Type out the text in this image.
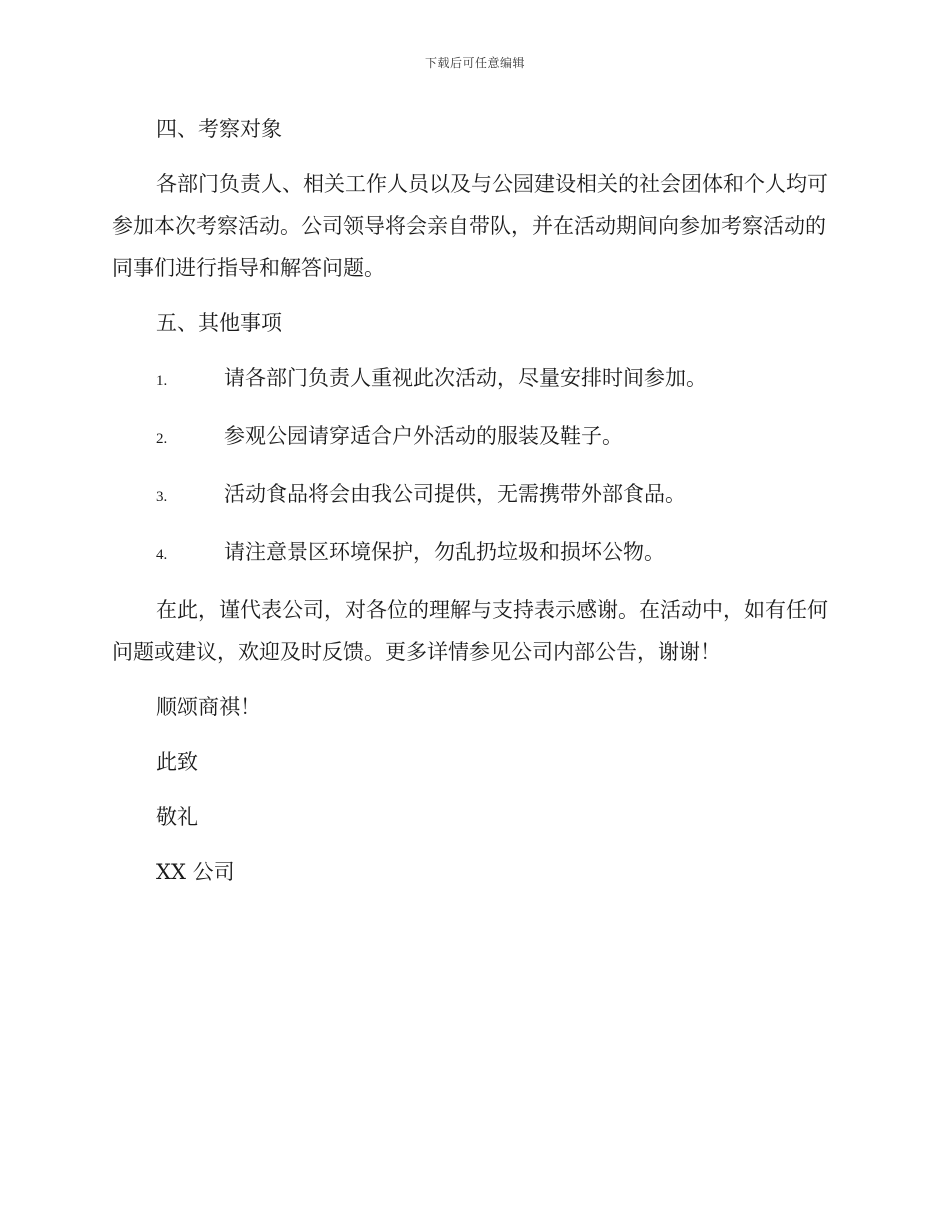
下载后可任意编辑
四、考察对象
各部门负责人、相关工作人员以及与公园建设相关的社会团体和个人均可参加本次考察活动。公司领导将会亲自带队，并在活动期间向参加考察活动的同事们进行指导和解答问题。
五、其他事项
1.	请各部门负责人重视此次活动，尽量安排时间参加。
2.	参观公园请穿适合户外活动的服装及鞋子。
3.	活动食品将会由我公司提供，无需携带外部食品。
4.	请注意景区环境保护，勿乱扔垃圾和损坏公物。
在此，谨代表公司，对各位的理解与支持表示感谢。在活动中，如有任何问题或建议，欢迎及时反馈。更多详情参见公司内部公告，谢谢！
顺颂商祺！
此致
敬礼
XX 公司
